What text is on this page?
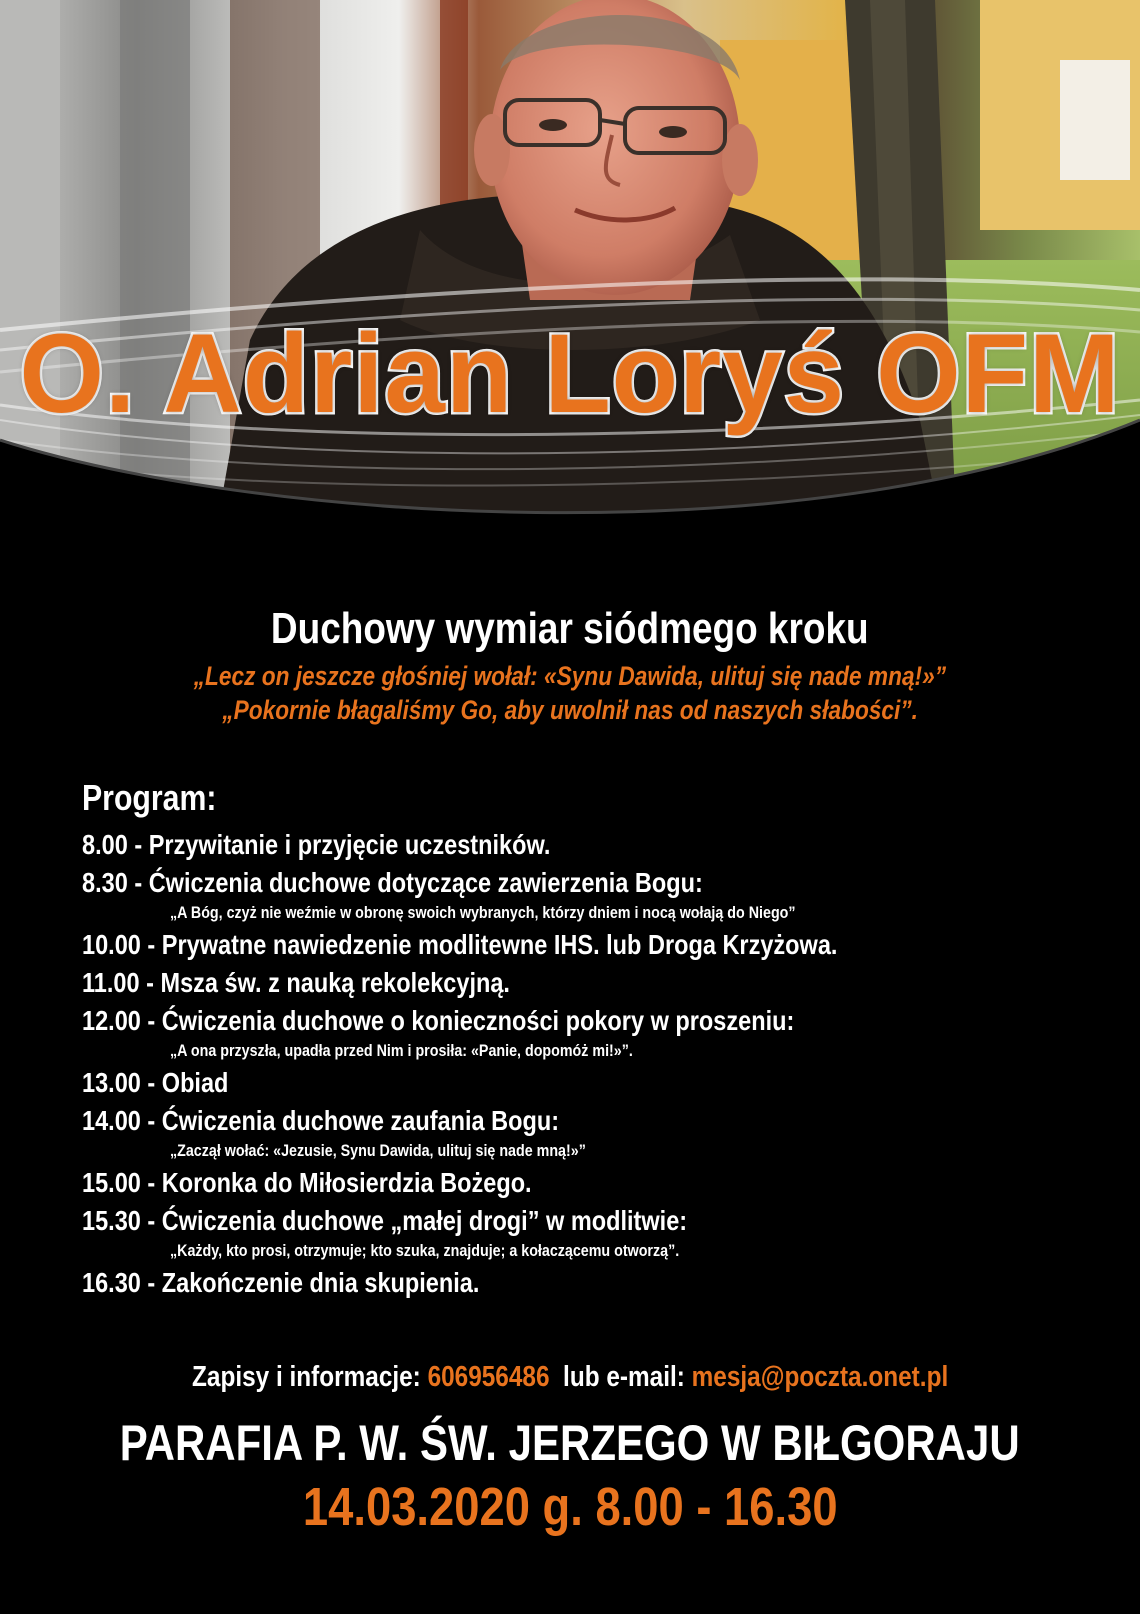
O. Adrian Loryś OFM
Duchowy wymiar siódmego kroku
„Lecz on jeszcze głośniej wołał: «Synu Dawida, ulituj się nade mną!»”
„Pokornie błagaliśmy Go, aby uwolnił nas od naszych słabości”.
Program:
8.00 - Przywitanie i przyjęcie uczestników.
8.30 - Ćwiczenia duchowe dotyczące zawierzenia Bogu:
„A Bóg, czyż nie weźmie w obronę swoich wybranych, którzy dniem i nocą wołają do Niego”
10.00 - Prywatne nawiedzenie modlitewne IHS. lub Droga Krzyżowa.
11.00 - Msza św. z nauką rekolekcyjną.
12.00 - Ćwiczenia duchowe o konieczności pokory w proszeniu:
„A ona przyszła, upadła przed Nim i prosiła: «Panie, dopomóż mi!»”.
13.00 - Obiad
14.00 - Ćwiczenia duchowe zaufania Bogu:
„Zaczął wołać: «Jezusie, Synu Dawida, ulituj się nade mną!»”
15.00 - Koronka do Miłosierdzia Bożego.
15.30 - Ćwiczenia duchowe „małej drogi” w modlitwie:
„Każdy, kto prosi, otrzymuje; kto szuka, znajduje; a kołaczącemu otworzą”.
16.30 - Zakończenie dnia skupienia.
Zapisy i informacje: 606956486 lub e-mail: mesja@poczta.onet.pl
PARAFIA P. W. ŚW. JERZEGO W BIŁGORAJU
14.03.2020 g. 8.00 - 16.30
